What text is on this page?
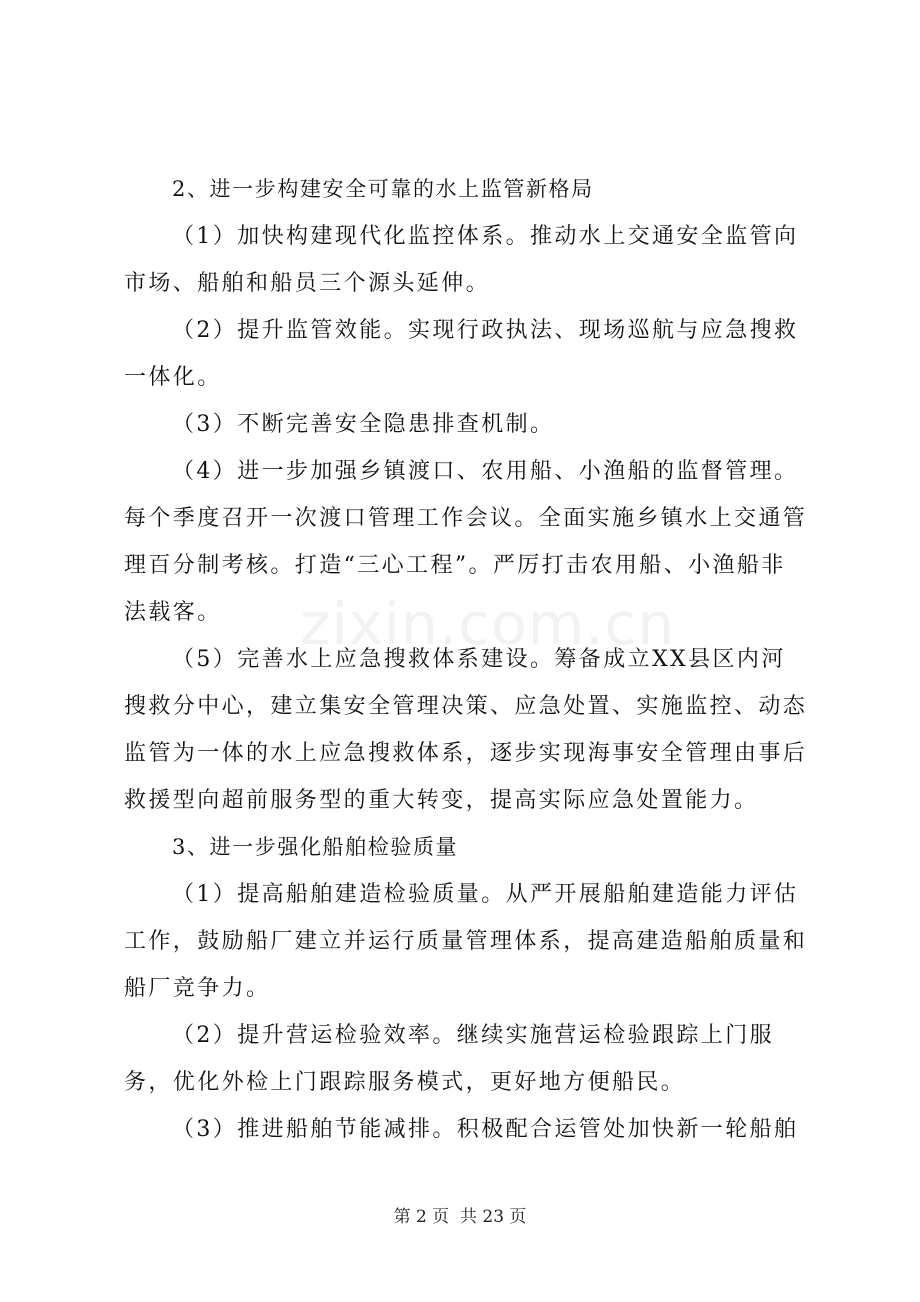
2、进一步构建安全可靠的水上监管新格局

（1）加快构建现代化监控体系。推动水上交通安全监管向市场、船舶和船员三个源头延伸。

（2）提升监管效能。实现行政执法、现场巡航与应急搜救一体化。

（3）不断完善安全隐患排查机制。

（4）进一步加强乡镇渡口、农用船、小渔船的监督管理。每个季度召开一次渡口管理工作会议。全面实施乡镇水上交通管理百分制考核。打造“三心工程”。严厉打击农用船、小渔船非法载客。

（5）完善水上应急搜救体系建设。筹备成立XX县区内河搜救分中心，建立集安全管理决策、应急处置、实施监控、动态监管为一体的水上应急搜救体系，逐步实现海事安全管理由事后救援型向超前服务型的重大转变，提高实际应急处置能力。

3、进一步强化船舶检验质量

（1）提高船舶建造检验质量。从严开展船舶建造能力评估工作，鼓励船厂建立并运行质量管理体系，提高建造船舶质量和船厂竞争力。

（2）提升营运检验效率。继续实施营运检验跟踪上门服务，优化外检上门跟踪服务模式，更好地方便船民。

（3）推进船舶节能减排。积极配合运管处加快新一轮船舶

zixin.com.cn
第 2 页  共 23 页
